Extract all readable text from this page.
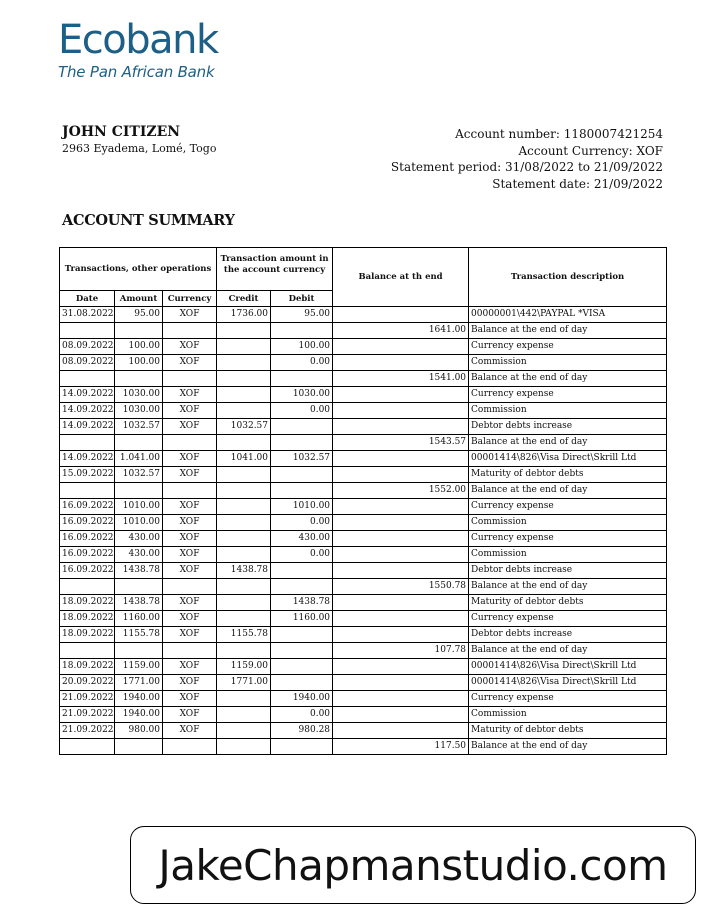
Ecobank
The Pan African Bank
JOHN CITIZEN
2963 Eyadema, Lomé, Togo
Account number: 1180007421254
Account Currency: XOF
Statement period: 31/08/2022 to 21/09/2022
Statement date: 21/09/2022
ACCOUNT SUMMARY
Transactions, other operations			Transaction amount in the account currency		Balance at th end	Transaction description
Date	Amount	Currency	Credit	Debit		
31.08.2022	95.00	XOF	1736.00	95.00		00000001\442\PAYPAL *VISA
					1641.00	Balance at the end of day
08.09.2022	100.00	XOF		100.00		Currency expense
08.09.2022	100.00	XOF		0.00		Commission
					1541.00	Balance at the end of day
14.09.2022	1030.00	XOF		1030.00		Currency expense
14.09.2022	1030.00	XOF		0.00		Commission
14.09.2022	1032.57	XOF	1032.57			Debtor debts increase
					1543.57	Balance at the end of day
14.09.2022	1.041.00	XOF	1041.00	1032.57		00001414\826\Visa Direct\Skrill Ltd
15.09.2022	1032.57	XOF				Maturity of debtor debts
					1552.00	Balance at the end of day
16.09.2022	1010.00	XOF		1010.00		Currency expense
16.09.2022	1010.00	XOF		0.00		Commission
16.09.2022	430.00	XOF		430.00		Currency expense
16.09.2022	430.00	XOF		0.00		Commission
16.09.2022	1438.78	XOF	1438.78			Debtor debts increase
					1550.78	Balance at the end of day
18.09.2022	1438.78	XOF		1438.78		Maturity of debtor debts
18.09.2022	1160.00	XOF		1160.00		Currency expense
18.09.2022	1155.78	XOF	1155.78			Debtor debts increase
					107.78	Balance at the end of day
18.09.2022	1159.00	XOF	1159.00			00001414\826\Visa Direct\Skrill Ltd
20.09.2022	1771.00	XOF	1771.00			00001414\826\Visa Direct\Skrill Ltd
21.09.2022	1940.00	XOF		1940.00		Currency expense
21.09.2022	1940.00	XOF		0.00		Commission
21.09.2022	980.00	XOF		980.28		Maturity of debtor debts
					117.50	Balance at the end of day
JakeChapmanstudio.com
